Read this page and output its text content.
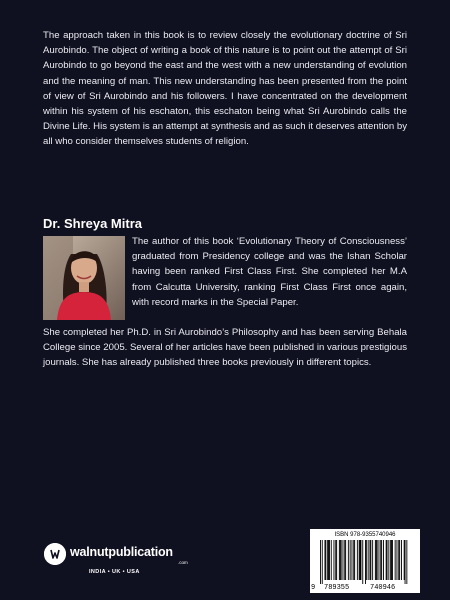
The approach taken in this book is to review closely the evolutionary doctrine of Sri Aurobindo. The object of writing a book of this nature is to point out the attempt of Sri Aurobindo to go beyond the east and the west with a new understanding of evolution and the meaning of man. This new understanding has been presented from the point of view of Sri Aurobindo and his followers. I have concentrated on the development within his system of his eschaton, this eschaton being what Sri Aurobindo calls the Divine Life. His system is an attempt at synthesis and as such it deserves attention by all who consider themselves students of religion.

Dr. Shreya Mitra

The author of this book ‘Evolutionary Theory of Consciousness’ graduated from Presidency college and was the Ishan Scholar having been ranked First Class First. She completed her M.A from Calcutta University, ranking First Class First once again, with record marks in the Special Paper.

She completed her Ph.D. in Sri Aurobindo’s Philosophy and has been serving Behala College since 2005. Several of her articles have been published in various prestigious journals. She has already published three books previously in different topics.

walnutpublication
.com
INDIA • UK • USA
ISBN 978-9355740946
9 789355	740946
